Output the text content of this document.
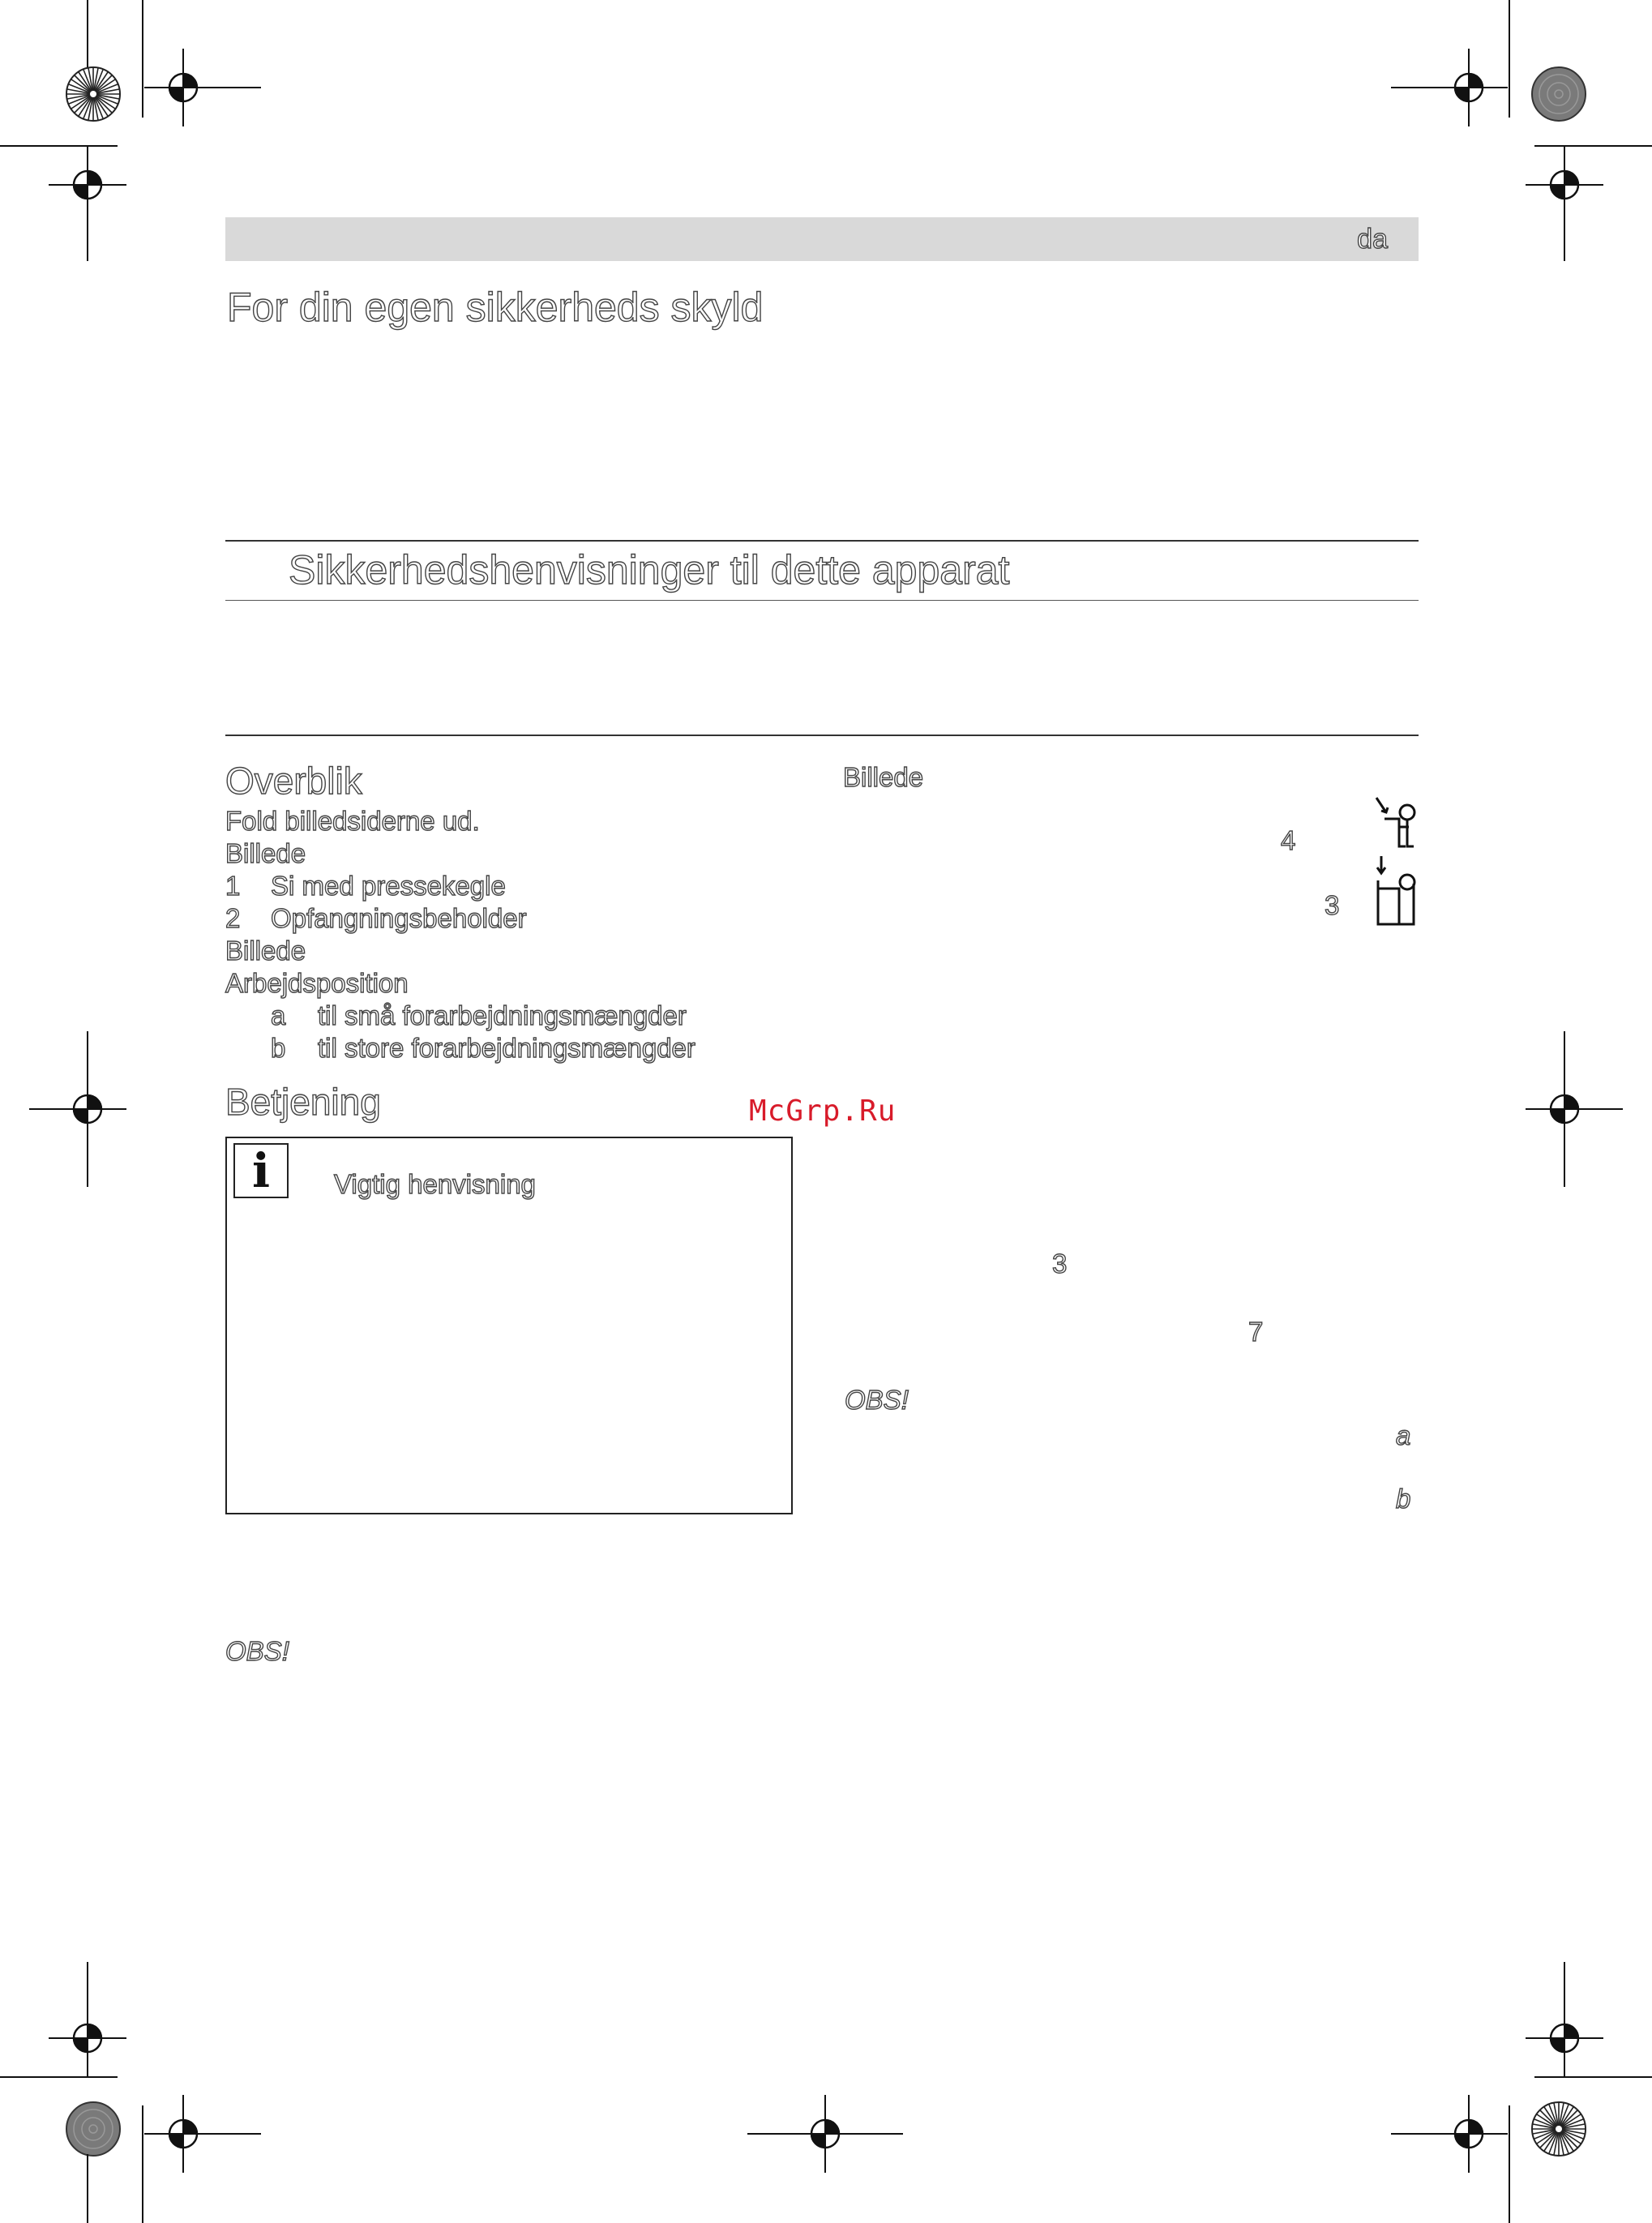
da
For din egen sikkerheds skyld
Sikkerhedshenvisninger til dette apparat
Overblik
Fold billedsiderne ud.
Billede
1 Si med pressekegle
2 Opfangningsbeholder
Billede
Arbejdsposition
a til små forarbejdningsmængder
b til store forarbejdningsmængder
Betjening
i	Vigtig henvisning
OBS!
Billede
4
3
3
7
OBS!
a
b
McGrp.Ru
